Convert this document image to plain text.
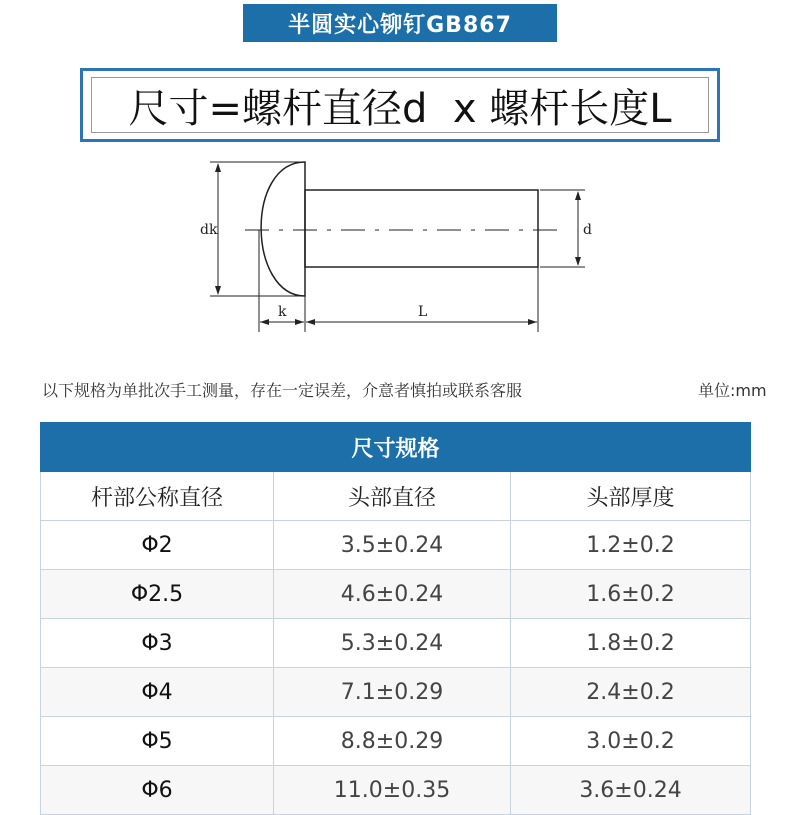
半圆实心铆钉GB867
尺寸=螺杆直径d  x 螺杆长度L
dk	d
k	L
以下规格为单批次手工测量，存在一定误差，介意者慎拍或联系客服	单位:mm
尺寸规格		
杆部公称直径	头部直径	头部厚度
Φ2	3.5±0.24	1.2±0.2
Φ2.5	4.6±0.24	1.6±0.2
Φ3	5.3±0.24	1.8±0.2
Φ4	7.1±0.29	2.4±0.2
Φ5	8.8±0.29	3.0±0.2
Φ6	11.0±0.35	3.6±0.24
